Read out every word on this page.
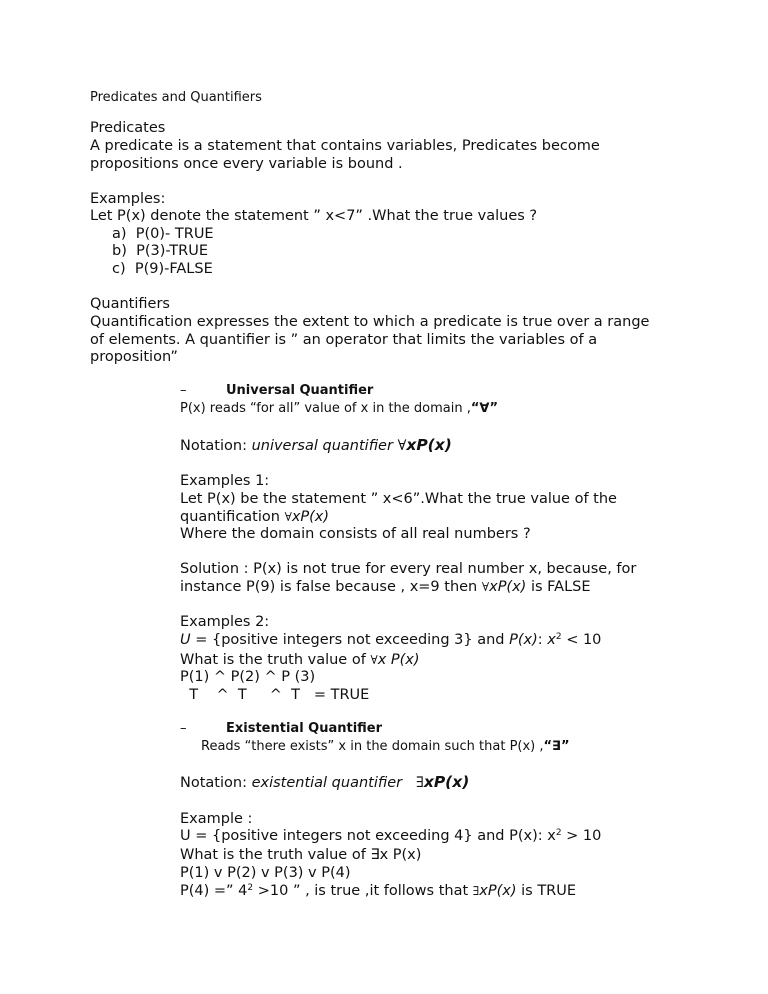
Predicates and Quantifiers
Predicates
A predicate is a statement that contains variables, Predicates become
propositions once every variable is bound .
Examples:
Let P(x) denote the statement ” x<7” .What the true values ?
a) P(0)- TRUE
b) P(3)-TRUE
c) P(9)-FALSE
Quantifiers
Quantification expresses the extent to which a predicate is true over a range
of elements. A quantifier is ” an operator that limits the variables of a
proposition”
–	Universal Quantifier
P(x) reads “for all” value of x in the domain ,“∀”
Notation: universal quantifier ∀xP(x)
Examples 1:
Let P(x) be the statement ” x<6”.What the true value of the
quantification ∀xP(x)
Where the domain consists of all real numbers ?
Solution : P(x) is not true for every real number x, because, for
instance P(9) is false because , x=9 then ∀xP(x) is FALSE
Examples 2:
U = {positive integers not exceeding 3} and P(x): $x^2 < 10$
What is the truth value of ∀x P(x)
P(1) ^ P(2) ^ P (3)
T    ^  T     ^  T   = TRUE
–	Existential Quantifier
Reads “there exists” x in the domain such that P(x) ,“∃”
Notation: existential quantifier ∃xP(x)
Example :
U = {positive integers not exceeding 4} and P(x): $x^2 > 10$
What is the truth value of ∃x P(x)
P(1) v P(2) v P(3) v P(4)
P(4) =” $4^2 >10$ ” , is true ,it follows that ∃xP(x) is TRUE
